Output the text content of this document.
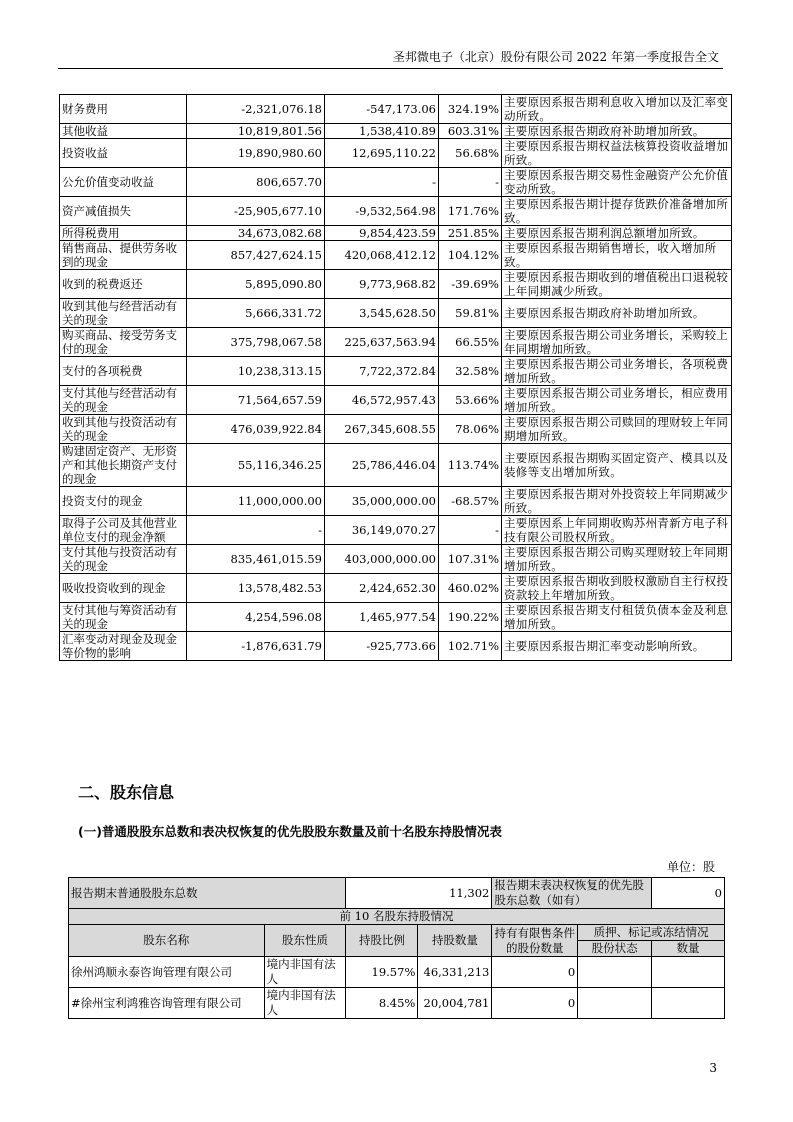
圣邦微电子（北京）股份有限公司 2022 年第一季度报告全文
财务费用	-2,321,076.18	-547,173.06	324.19%	主要原因系报告期利息收入增加以及汇率变动所致。
其他收益	10,819,801.56	1,538,410.89	603.31%	主要原因系报告期政府补助增加所致。
投资收益	19,890,980.60	12,695,110.22	56.68%	主要原因系报告期权益法核算投资收益增加所致。
公允价值变动收益	806,657.70	-	-	主要原因系报告期交易性金融资产公允价值变动所致。
资产减值损失	-25,905,677.10	-9,532,564.98	171.76%	主要原因系报告期计提存货跌价准备增加所致。
所得税费用	34,673,082.68	9,854,423.59	251.85%	主要原因系报告期利润总额增加所致。
销售商品、提供劳务收到的现金	857,427,624.15	420,068,412.12	104.12%	主要原因系报告期销售增长，收入增加所致。
收到的税费返还	5,895,090.80	9,773,968.82	-39.69%	主要原因系报告期收到的增值税出口退税较上年同期减少所致。
收到其他与经营活动有关的现金	5,666,331.72	3,545,628.50	59.81%	主要原因系报告期政府补助增加所致。
购买商品、接受劳务支付的现金	375,798,067.58	225,637,563.94	66.55%	主要原因系报告期公司业务增长，采购较上年同期增加所致。
支付的各项税费	10,238,313.15	7,722,372.84	32.58%	主要原因系报告期公司业务增长，各项税费增加所致。
支付其他与经营活动有关的现金	71,564,657.59	46,572,957.43	53.66%	主要原因系报告期公司业务增长，相应费用增加所致。
收到其他与投资活动有关的现金	476,039,922.84	267,345,608.55	78.06%	主要原因系报告期公司赎回的理财较上年同期增加所致。
购建固定资产、无形资产和其他长期资产支付的现金	55,116,346.25	25,786,446.04	113.74%	主要原因系报告期购买固定资产、模具以及装修等支出增加所致。
投资支付的现金	11,000,000.00	35,000,000.00	-68.57%	主要原因系报告期对外投资较上年同期减少所致。
取得子公司及其他营业单位支付的现金净额	-	36,149,070.27	-	主要原因系上年同期收购苏州青新方电子科技有限公司股权所致。
支付其他与投资活动有关的现金	835,461,015.59	403,000,000.00	107.31%	主要原因系报告期公司购买理财较上年同期增加所致。
吸收投资收到的现金	13,578,482.53	2,424,652.30	460.02%	主要原因系报告期收到股权激励自主行权投资款较上年增加所致。
支付其他与筹资活动有关的现金	4,254,596.08	1,465,977.54	190.22%	主要原因系报告期支付租赁负债本金及利息增加所致。
汇率变动对现金及现金等价物的影响	-1,876,631.79	-925,773.66	102.71%	主要原因系报告期汇率变动影响所致。
二、股东信息
(一)普通股股东总数和表决权恢复的优先股股东数量及前十名股东持股情况表
单位：股
报告期末普通股股东总数		11,302		报告期末表决权恢复的优先股股东总数（如有）		0
前 10 名股东持股情况						
股东名称	股东性质	持股比例	持股数量	持有有限售条件的股份数量	质押、标记或冻结情况	
					股份状态	数量
徐州鸿顺永泰咨询管理有限公司	境内非国有法人	19.57%	46,331,213	0		
#徐州宝利鸿雅咨询管理有限公司	境内非国有法人	8.45%	20,004,781	0		
3
